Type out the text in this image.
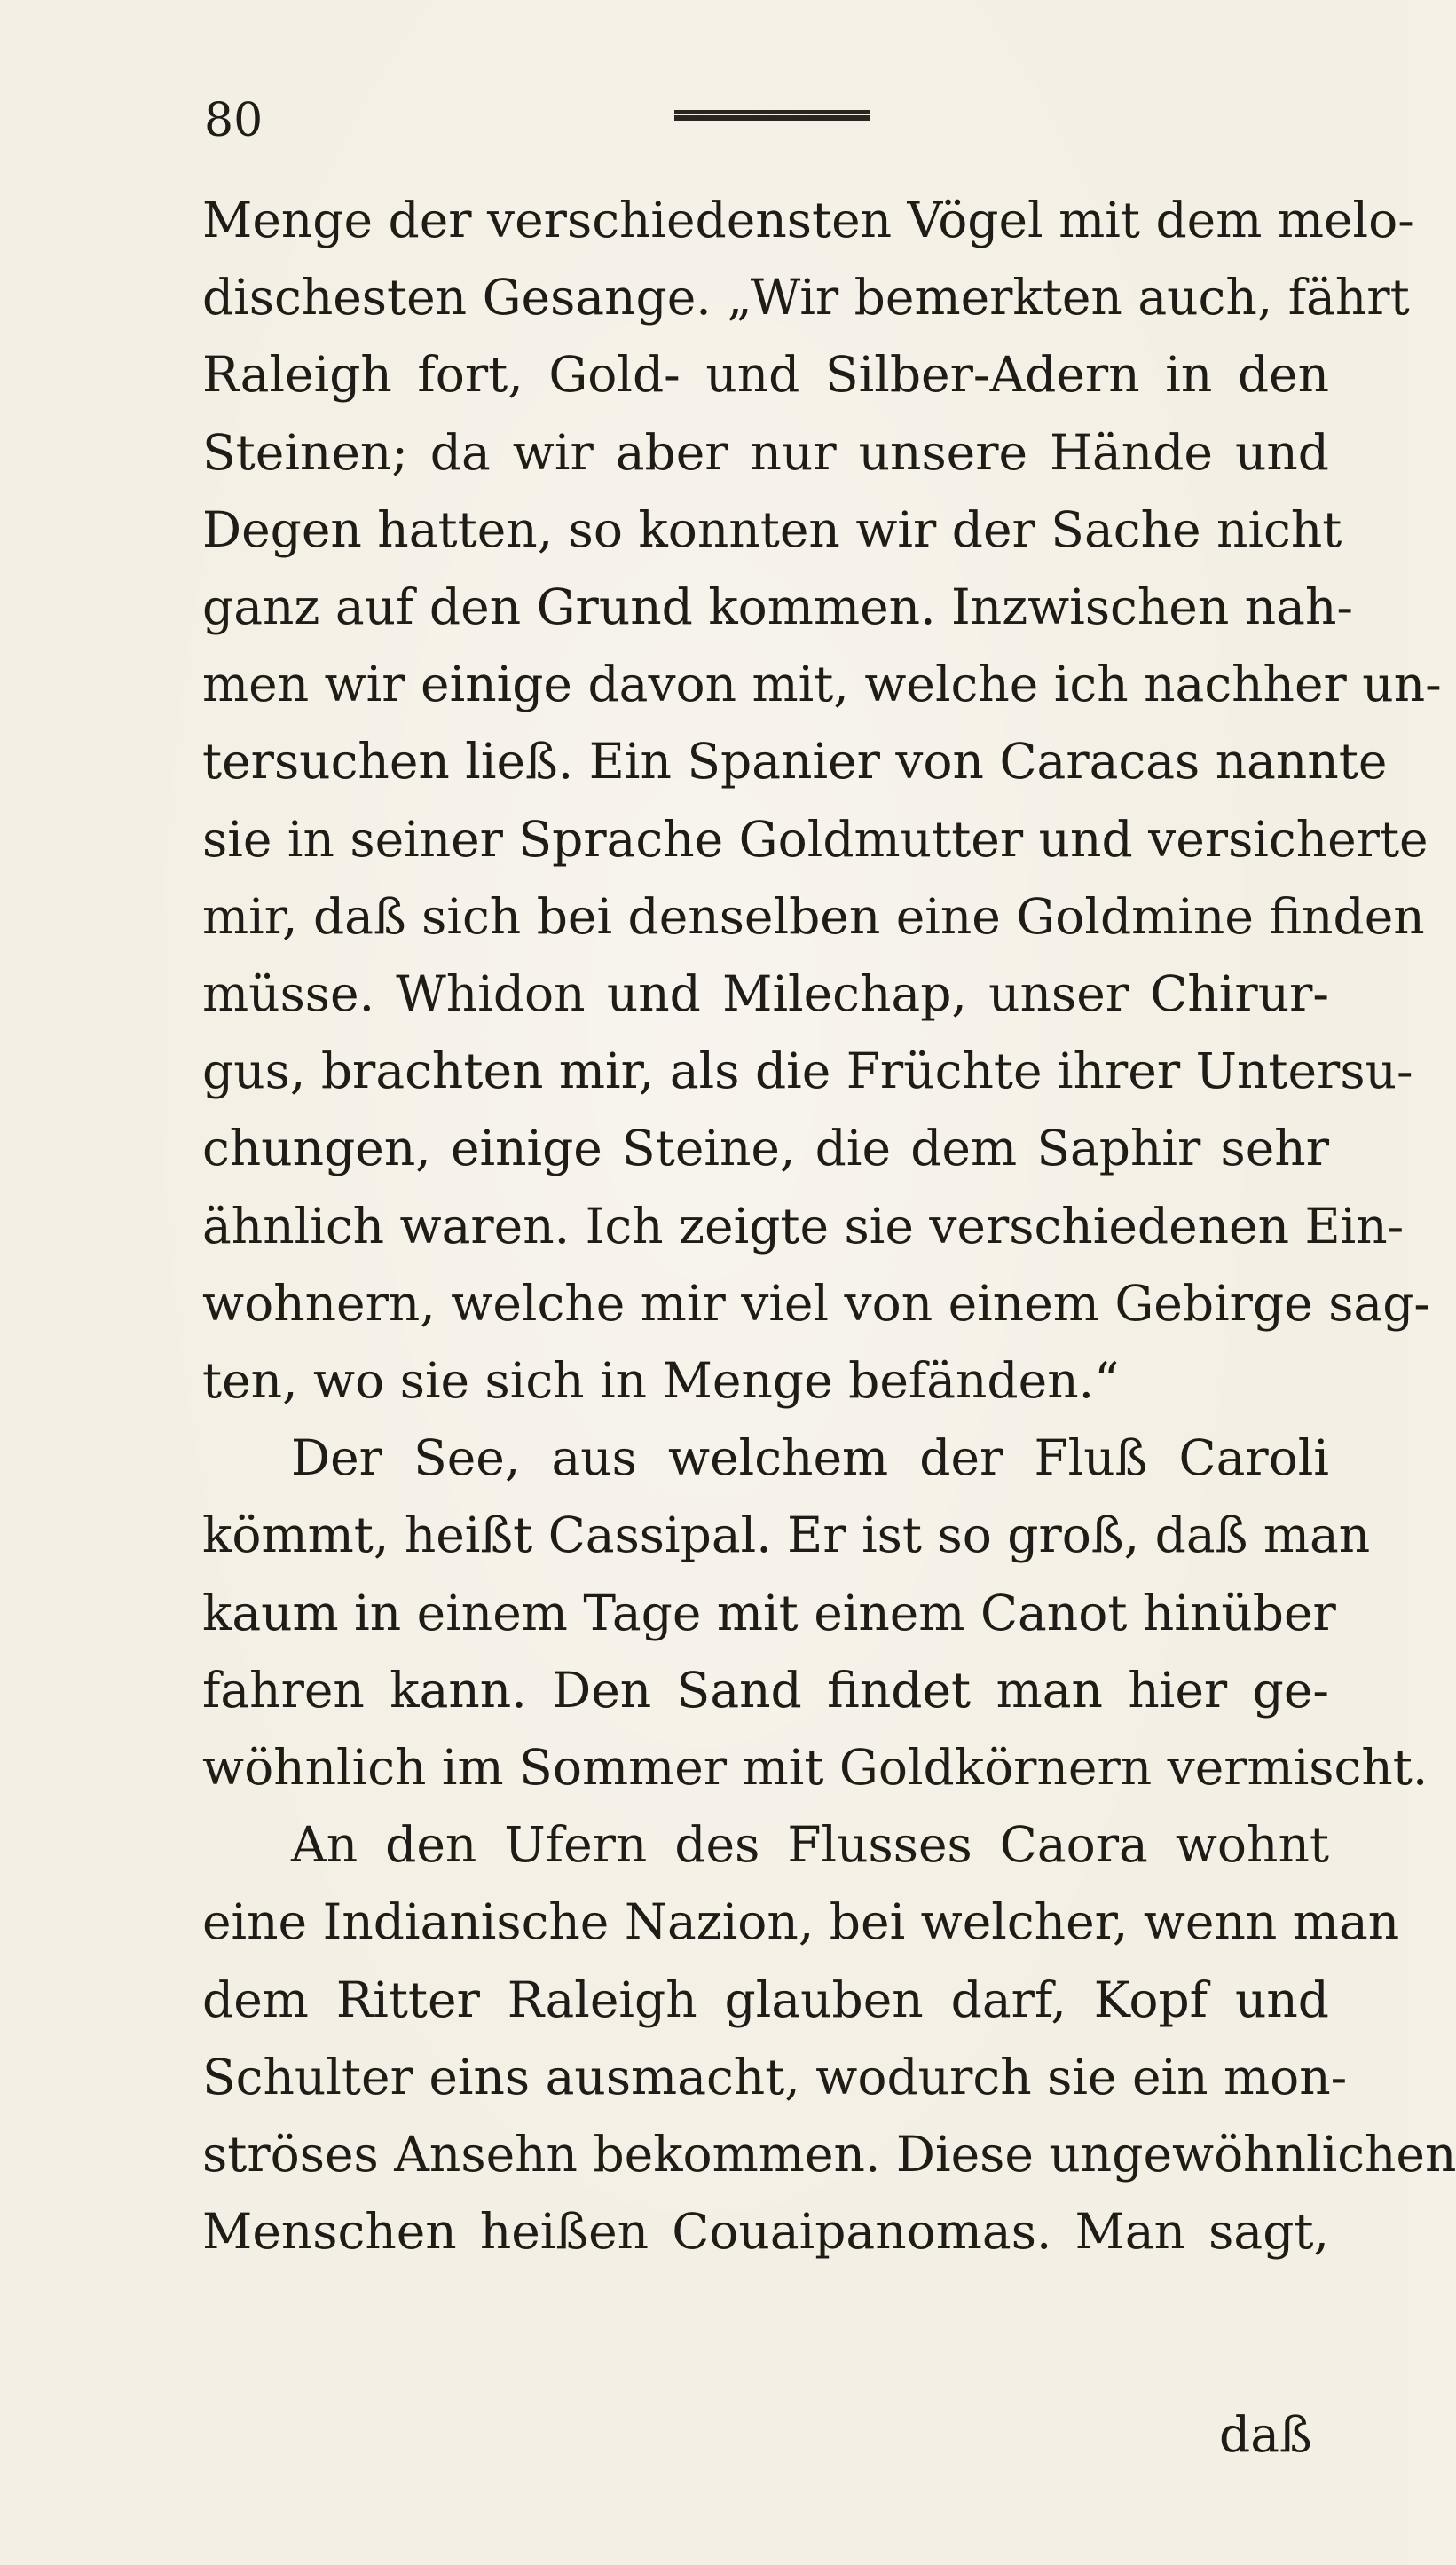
80
Menge der verschiedensten Vögel mit dem melo-
dischesten Gesange. „Wir bemerkten auch, fährt
Raleigh fort, Gold- und Silber-Adern in den
Steinen; da wir aber nur unsere Hände und
Degen hatten, so konnten wir der Sache nicht
ganz auf den Grund kommen. Inzwischen nah-
men wir einige davon mit, welche ich nachher un-
tersuchen ließ. Ein Spanier von Caracas nannte
sie in seiner Sprache Goldmutter und versicherte
mir, daß sich bei denselben eine Goldmine finden
müsse. Whidon und Milechap, unser Chirur-
gus, brachten mir, als die Früchte ihrer Untersu-
chungen, einige Steine, die dem Saphir sehr
ähnlich waren. Ich zeigte sie verschiedenen Ein-
wohnern, welche mir viel von einem Gebirge sag-
ten, wo sie sich in Menge befänden.“
Der See, aus welchem der Fluß Caroli
kömmt, heißt Cassipal. Er ist so groß, daß man
kaum in einem Tage mit einem Canot hinüber
fahren kann. Den Sand findet man hier ge-
wöhnlich im Sommer mit Goldkörnern vermischt.
An den Ufern des Flusses Caora wohnt
eine Indianische Nazion, bei welcher, wenn man
dem Ritter Raleigh glauben darf, Kopf und
Schulter eins ausmacht, wodurch sie ein mon-
ströses Ansehn bekommen. Diese ungewöhnlichen
Menschen heißen Couaipanomas. Man sagt,
daß
